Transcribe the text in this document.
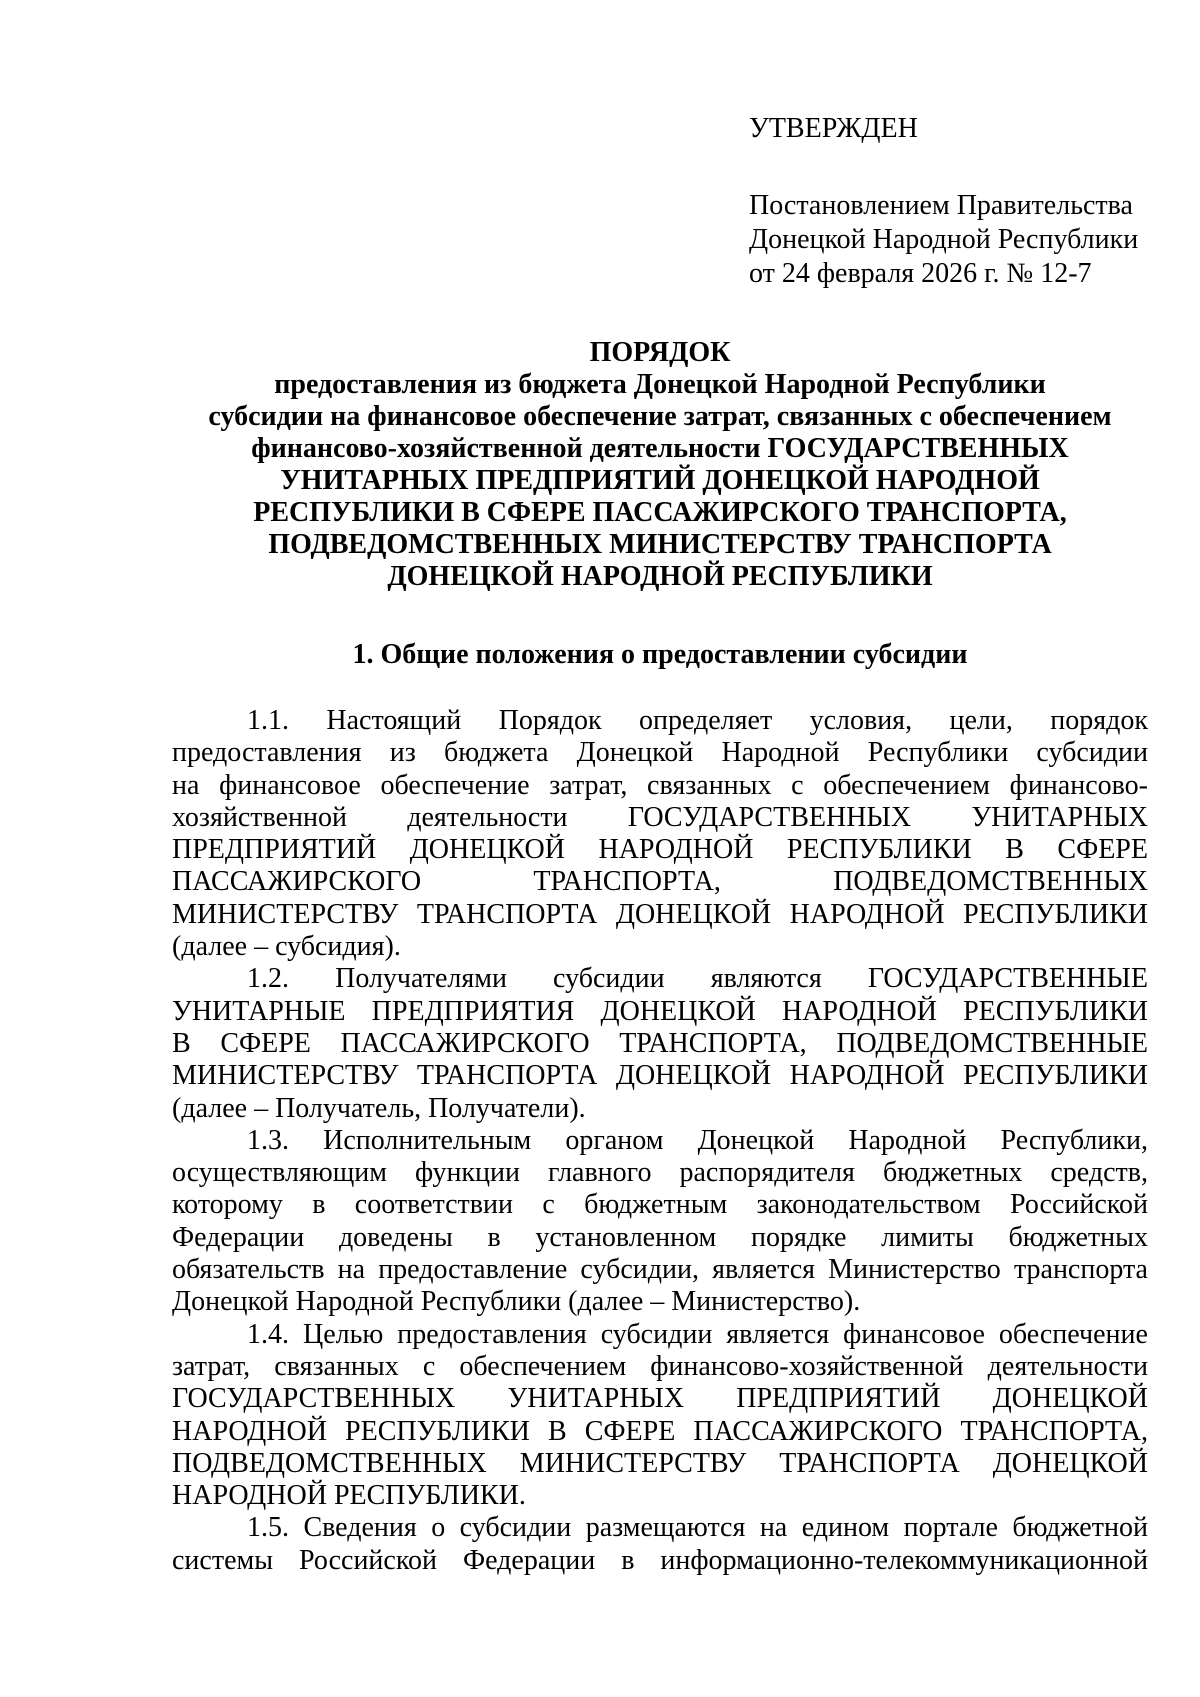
УТВЕРЖДЕН
Постановлением Правительства
Донецкой Народной Республики
от 24 февраля 2026 г. № 12-7
ПОРЯДОК
предоставления из бюджета Донецкой Народной Республики
субсидии на финансовое обеспечение затрат, связанных с обеспечением
финансово-хозяйственной деятельности ГОСУДАРСТВЕННЫХ
УНИТАРНЫХ ПРЕДПРИЯТИЙ ДОНЕЦКОЙ НАРОДНОЙ
РЕСПУБЛИКИ В СФЕРЕ ПАССАЖИРСКОГО ТРАНСПОРТА,
ПОДВЕДОМСТВЕННЫХ МИНИСТЕРСТВУ ТРАНСПОРТА
ДОНЕЦКОЙ НАРОДНОЙ РЕСПУБЛИКИ
1. Общие положения о предоставлении субсидии
1.1. Настоящий Порядок определяет условия, цели, порядок
предоставления из бюджета Донецкой Народной Республики субсидии
на финансовое обеспечение затрат, связанных с обеспечением финансово-
хозяйственной деятельности ГОСУДАРСТВЕННЫХ УНИТАРНЫХ
ПРЕДПРИЯТИЙ ДОНЕЦКОЙ НАРОДНОЙ РЕСПУБЛИКИ В СФЕРЕ
ПАССАЖИРСКОГО	ТРАНСПОРТА,	ПОДВЕДОМСТВЕННЫХ
МИНИСТЕРСТВУ ТРАНСПОРТА ДОНЕЦКОЙ НАРОДНОЙ РЕСПУБЛИКИ
(далее – субсидия).
1.2. Получателями субсидии являются ГОСУДАРСТВЕННЫЕ
УНИТАРНЫЕ ПРЕДПРИЯТИЯ ДОНЕЦКОЙ НАРОДНОЙ РЕСПУБЛИКИ
В СФЕРЕ ПАССАЖИРСКОГО ТРАНСПОРТА, ПОДВЕДОМСТВЕННЫЕ
МИНИСТЕРСТВУ ТРАНСПОРТА ДОНЕЦКОЙ НАРОДНОЙ РЕСПУБЛИКИ
(далее – Получатель, Получатели).
1.3. Исполнительным органом Донецкой Народной Республики,
осуществляющим функции главного распорядителя бюджетных средств,
которому в соответствии с бюджетным законодательством Российской
Федерации доведены в установленном порядке лимиты бюджетных
обязательств на предоставление субсидии, является Министерство транспорта
Донецкой Народной Республики (далее – Министерство).
1.4. Целью предоставления субсидии является финансовое обеспечение
затрат, связанных с обеспечением финансово-хозяйственной деятельности
ГОСУДАРСТВЕННЫХ УНИТАРНЫХ ПРЕДПРИЯТИЙ ДОНЕЦКОЙ
НАРОДНОЙ РЕСПУБЛИКИ В СФЕРЕ ПАССАЖИРСКОГО ТРАНСПОРТА,
ПОДВЕДОМСТВЕННЫХ МИНИСТЕРСТВУ ТРАНСПОРТА ДОНЕЦКОЙ
НАРОДНОЙ РЕСПУБЛИКИ.
1.5. Сведения о субсидии размещаются на едином портале бюджетной
системы Российской Федерации в информационно-телекоммуникационной
